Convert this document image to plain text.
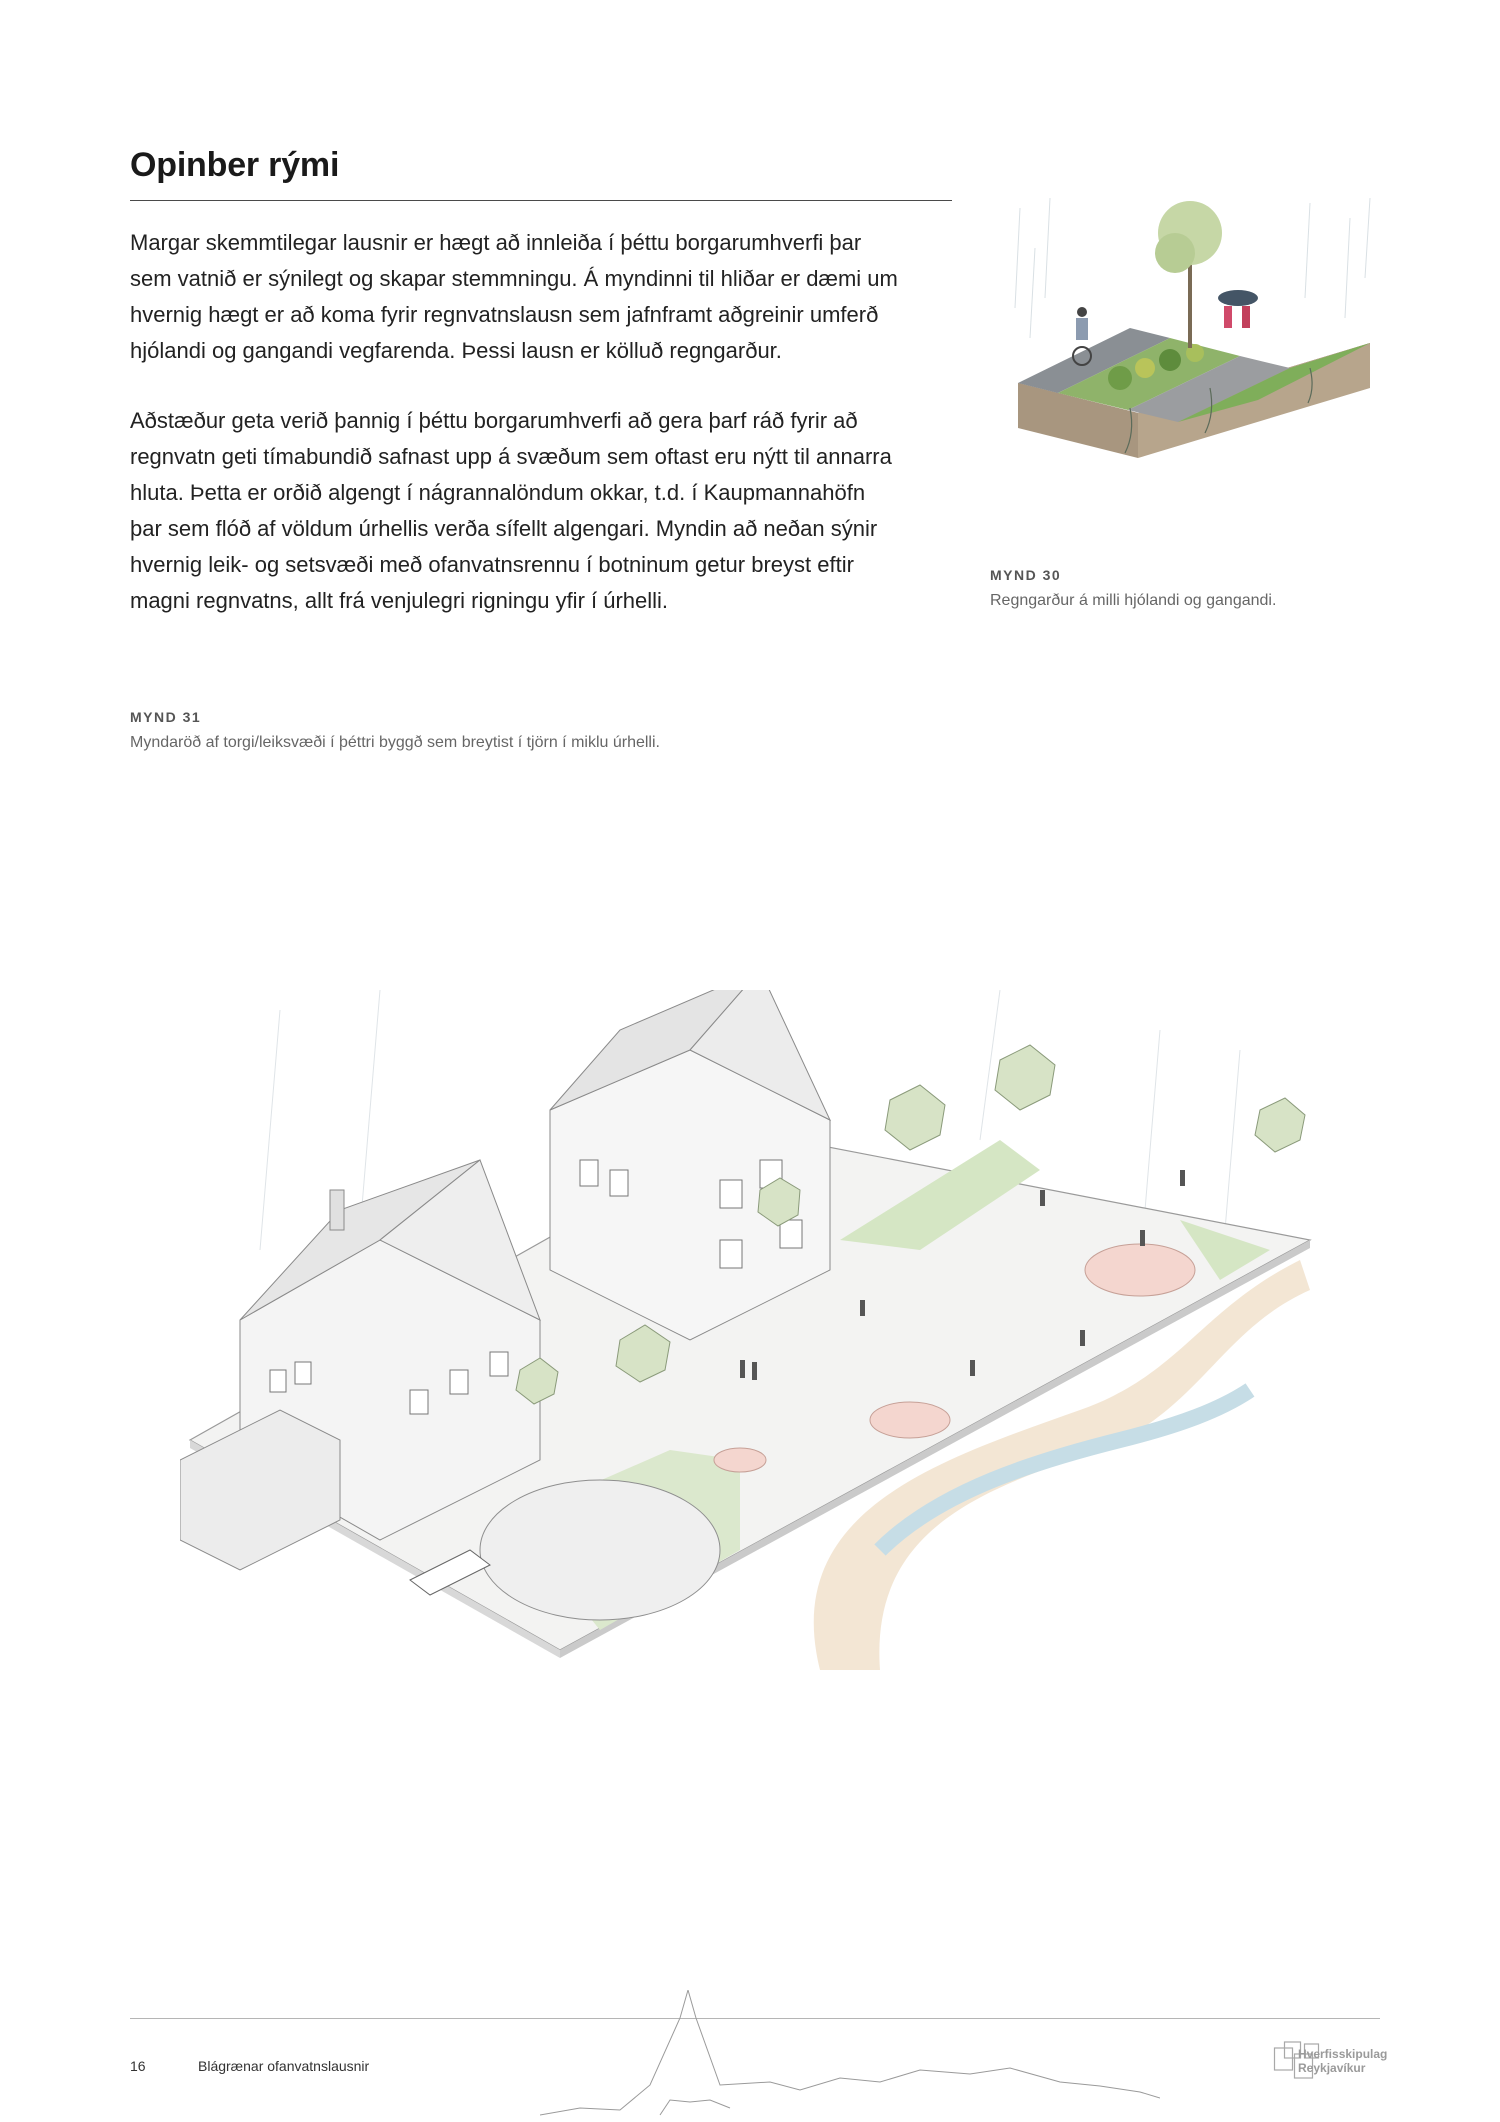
Opinber rými
Margar skemmtilegar lausnir er hægt að innleiða í þéttu borgarumhverfi þar
sem vatnið er sýnilegt og skapar stemmningu. Á myndinni til hliðar er dæmi um
hvernig hægt er að koma fyrir regnvatnslausn sem jafnframt aðgreinir umferð
hjólandi og gangandi vegfarenda. Þessi lausn er kölluð regngarður.
Aðstæður geta verið þannig í þéttu borgarumhverfi að gera þarf ráð fyrir að
regnvatn geti tímabundið safnast upp á svæðum sem oftast eru nýtt til annarra
hluta. Þetta er orðið algengt í nágrannalöndum okkar, t.d. í Kaupmannahöfn
þar sem flóð af völdum úrhellis verða sífellt algengari. Myndin að neðan sýnir
hvernig leik- og setsvæði með ofanvatnsrennu í botninum getur breyst eftir
magni regnvatns, allt frá venjulegri rigningu yfir í úrhelli.
MYND 30
Regngarður á milli hjólandi og gangandi.
MYND 31
Myndaröð af torgi/leiksvæði í þéttri byggð sem breytist í tjörn í miklu úrhelli.
16	Blágrænar ofanvatnslausnir
Hverfisskipulag
Reykjavíkur
